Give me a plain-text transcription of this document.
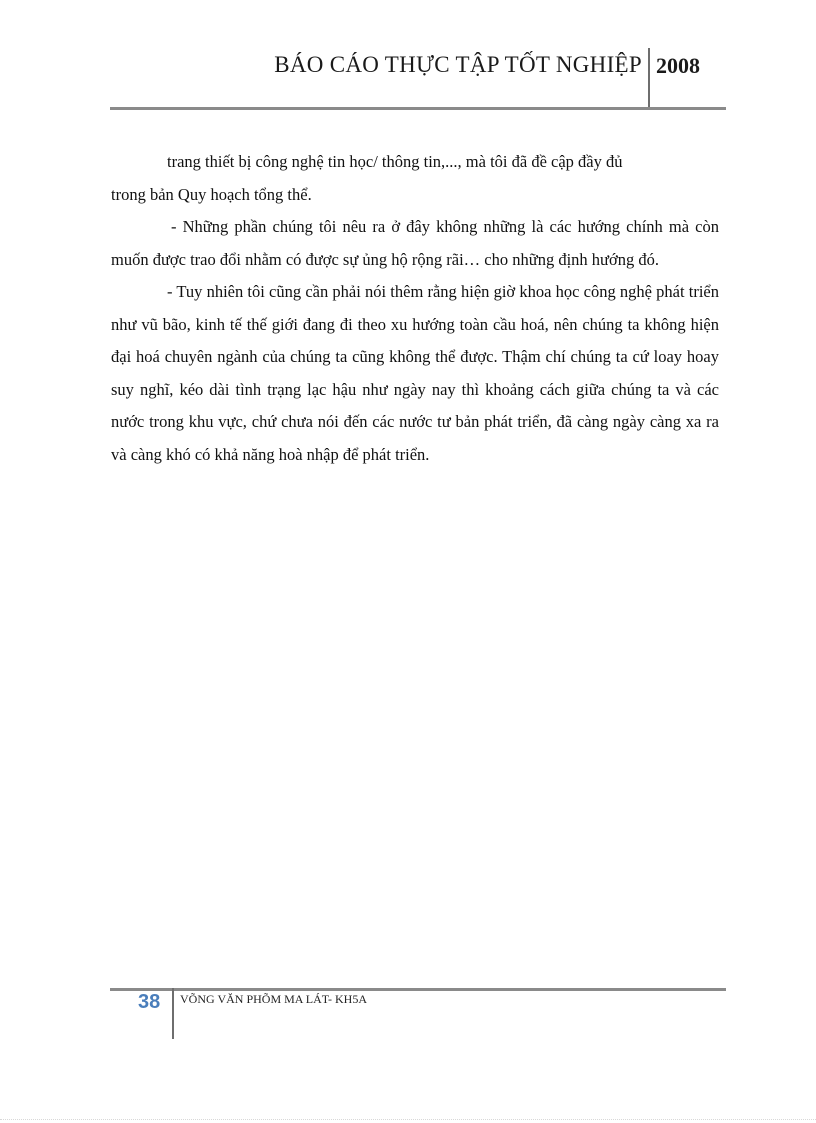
BÁO CÁO THỰC TẬP TỐT NGHIỆP 2008

trang thiết bị công nghệ tin học/ thông tin,..., mà tôi đã đề cập đầy đủ

trong bản Quy hoạch tổng thể.

- Những phần chúng tôi nêu ra ở đây không những là các hướng chính mà còn muốn được trao đổi nhằm có được sự ủng hộ rộng rãi… cho những định hướng đó.

- Tuy nhiên tôi cũng cần phải nói thêm rằng hiện giờ khoa học công nghệ phát triển như vũ bão, kinh tế thế giới đang đi theo xu hướng toàn cầu hoá, nên chúng ta không hiện đại hoá chuyên ngành của chúng ta cũng không thể được. Thậm chí chúng ta cứ loay hoay suy nghĩ, kéo dài tình trạng lạc hậu như ngày nay thì khoảng cách giữa chúng ta và các nước trong khu vực, chứ chưa nói đến các nước tư bản phát triển, đã càng ngày càng xa ra và càng khó có khả năng hoà nhập để phát triển.

38 VÕNG VĂN PHÕM MA LÁT- KH5A
